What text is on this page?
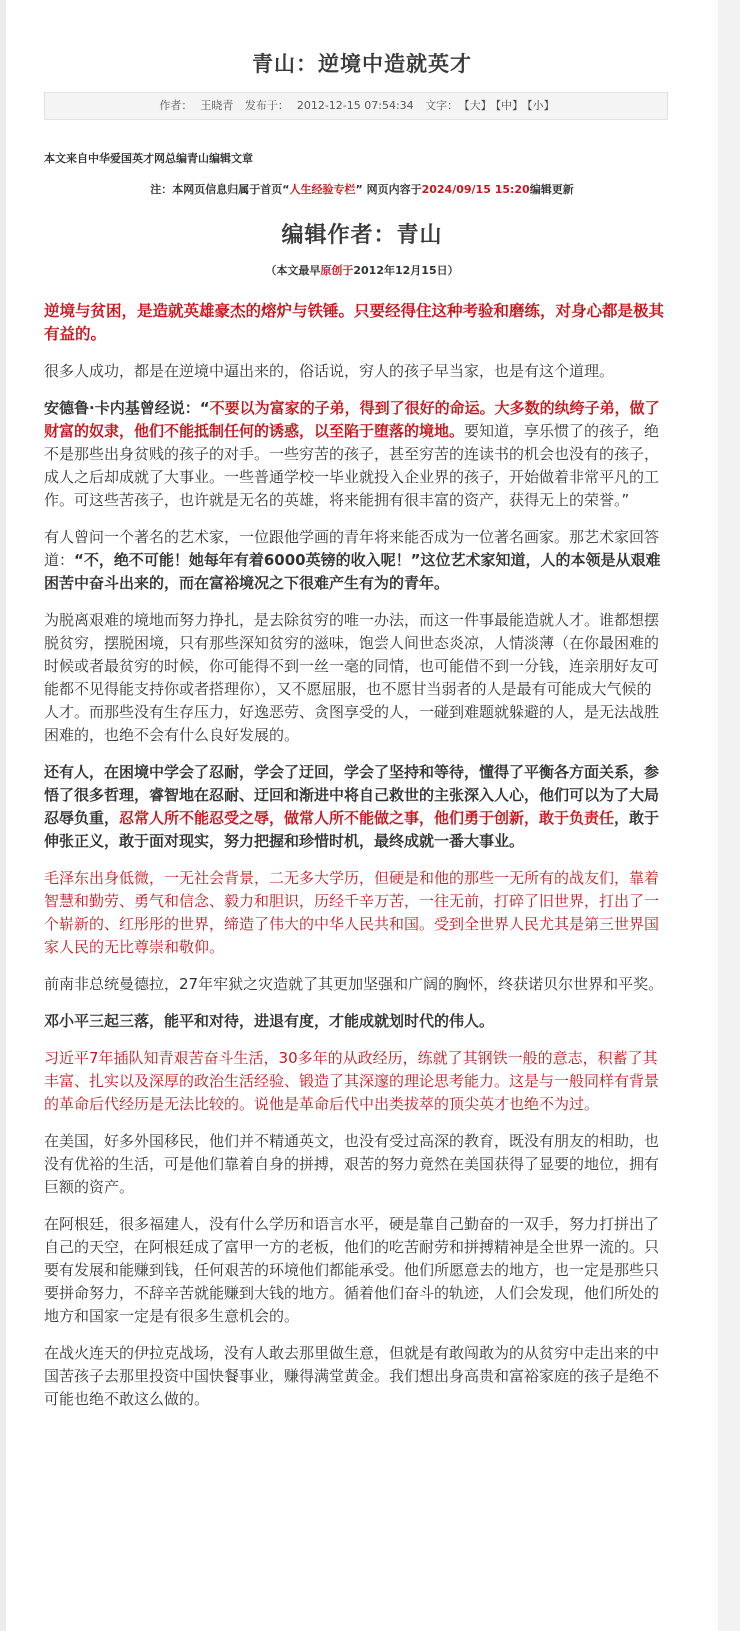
青山：逆境中造就英才
作者： 王晓青 发布于： 2012-12-15 07:54:34 文字： 【大】 【中】 【小】
本文来自中华爱国英才网总编青山编辑文章
注：本网页信息归属于首页“人生经验专栏” 网页内容于2024/09/15 15:20编辑更新
编辑作者：青山
（本文最早原创于2012年12月15日）

逆境与贫困，是造就英雄豪杰的熔炉与铁锤。只要经得住这种考验和磨练，对身心都是极其有益的。

很多人成功，都是在逆境中逼出来的，俗话说，穷人的孩子早当家，也是有这个道理。

安德鲁·卡内基曾经说：“不要以为富家的子弟，得到了很好的命运。大多数的纨绔子弟，做了财富的奴隶，他们不能抵制任何的诱惑，以至陷于堕落的境地。要知道，享乐惯了的孩子，绝不是那些出身贫贱的孩子的对手。一些穷苦的孩子，甚至穷苦的连读书的机会也没有的孩子，成人之后却成就了大事业。一些普通学校一毕业就投入企业界的孩子，开始做着非常平凡的工作。可这些苦孩子，也许就是无名的英雄，将来能拥有很丰富的资产，获得无上的荣誉。”

有人曾问一个著名的艺术家，一位跟他学画的青年将来能否成为一位著名画家。那艺术家回答道：“不，绝不可能！她每年有着6000英镑的收入呢！”这位艺术家知道，人的本领是从艰难困苦中奋斗出来的，而在富裕境况之下很难产生有为的青年。

为脱离艰难的境地而努力挣扎，是去除贫穷的唯一办法，而这一件事最能造就人才。谁都想摆脱贫穷，摆脱困境，只有那些深知贫穷的滋味，饱尝人间世态炎凉，人情淡薄（在你最困难的时候或者最贫穷的时候，你可能得不到一丝一毫的同情，也可能借不到一分钱，连亲朋好友可能都不见得能支持你或者搭理你），又不愿屈服，也不愿甘当弱者的人是最有可能成大气候的人才。而那些没有生存压力，好逸恶劳、贪图享受的人，一碰到难题就躲避的人，是无法战胜困难的，也绝不会有什么良好发展的。

还有人，在困境中学会了忍耐，学会了迂回，学会了坚持和等待，懂得了平衡各方面关系，参悟了很多哲理，睿智地在忍耐、迂回和渐进中将自己救世的主张深入人心，他们可以为了大局忍辱负重，忍常人所不能忍受之辱，做常人所不能做之事，他们勇于创新，敢于负责任，敢于伸张正义，敢于面对现实，努力把握和珍惜时机，最终成就一番大事业。

毛泽东出身低微，一无社会背景，二无多大学历，但硬是和他的那些一无所有的战友们，靠着智慧和勤劳、勇气和信念、毅力和胆识，历经千辛万苦，一往无前，打碎了旧世界，打出了一个崭新的、红彤彤的世界，缔造了伟大的中华人民共和国。受到全世界人民尤其是第三世界国家人民的无比尊崇和敬仰。

前南非总统曼德拉，27年牢狱之灾造就了其更加坚强和广阔的胸怀，终获诺贝尔世界和平奖。

邓小平三起三落，能平和对待，进退有度，才能成就划时代的伟人。

习近平7年插队知青艰苦奋斗生活，30多年的从政经历，练就了其钢铁一般的意志，积蓄了其丰富、扎实以及深厚的政治生活经验、锻造了其深邃的理论思考能力。这是与一般同样有背景的革命后代经历是无法比较的。说他是革命后代中出类拔萃的顶尖英才也绝不为过。

在美国，好多外国移民，他们并不精通英文，也没有受过高深的教育，既没有朋友的相助，也没有优裕的生活，可是他们靠着自身的拼搏，艰苦的努力竟然在美国获得了显要的地位，拥有巨额的资产。

在阿根廷，很多福建人，没有什么学历和语言水平，硬是靠自己勤奋的一双手，努力打拼出了自己的天空，在阿根廷成了富甲一方的老板，他们的吃苦耐劳和拼搏精神是全世界一流的。只要有发展和能赚到钱，任何艰苦的环境他们都能承受。他们所愿意去的地方，也一定是那些只要拼命努力，不辞辛苦就能赚到大钱的地方。循着他们奋斗的轨迹，人们会发现，他们所处的地方和国家一定是有很多生意机会的。

在战火连天的伊拉克战场，没有人敢去那里做生意，但就是有敢闯敢为的从贫穷中走出来的中国苦孩子去那里投资中国快餐事业，赚得满堂黄金。我们想出身高贵和富裕家庭的孩子是绝不可能也绝不敢这么做的。
